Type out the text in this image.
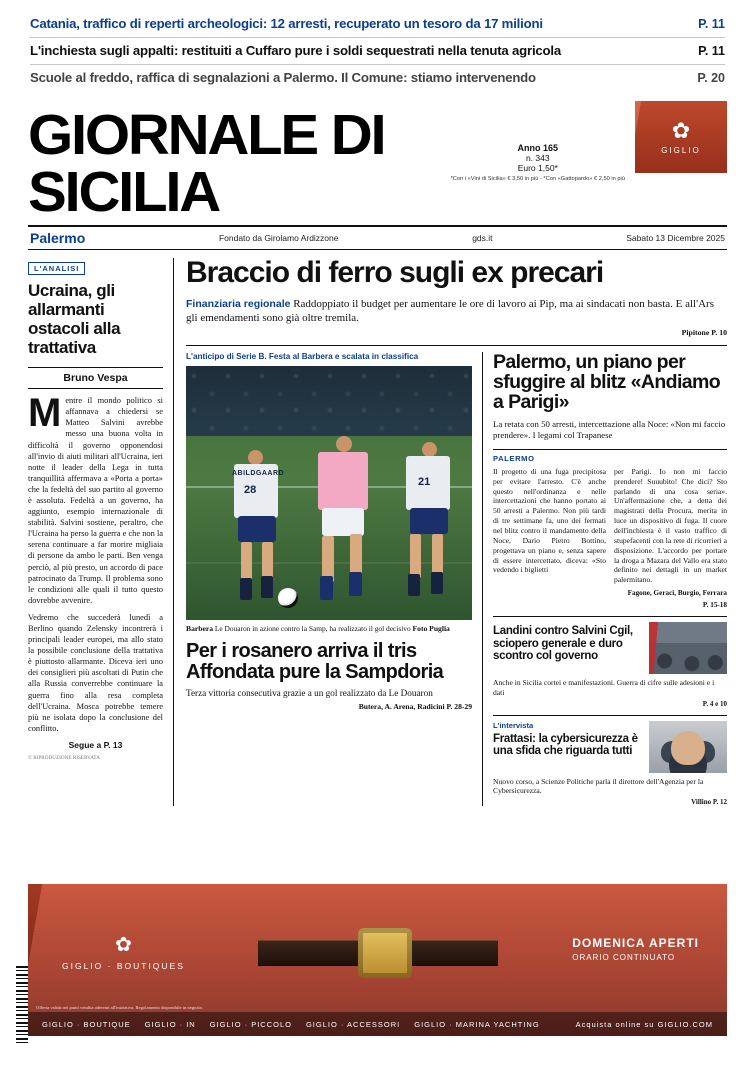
Catania, traffico di reperti archeologici: 12 arresti, recuperato un tesoro da 17 milioni	P. 11
L'inchiesta sugli appalti: restituiti a Cuffaro pure i soldi sequestrati nella tenuta agricola	P. 11
Scuole al freddo, raffica di segnalazioni a Palermo. Il Comune: stiamo intervenendo	P. 20
GIORNALE DI SICILIA
Anno 165
n. 343
Euro 1,50*
*Con i «Vini di Sicilia» € 3,50 in più - *Con «Gattopardo» € 2,50 in più
✿
GIGLIO
Palermo	Fondato da Girolamo Ardizzone	gds.it	Sabato 13 Dicembre 2025
L'ANALISI
Ucraina, gli allarmanti ostacoli alla trattativa
Bruno Vespa

Mentre il mondo politico si affannava a chiedersi se Matteo Salvini avrebbe messo una buona volta in difficoltà il governo opponendosi all'invio di aiuti militari all'Ucraina, ieri notte il leader della Lega in tutta tranquillità affermava a «Porta a porta» che la fedeltà del suo partito al governo è assoluta. Fedeltà a un governo, ha aggiunto, esempio internazionale di stabilità. Salvini sostiene, peraltro, che l'Ucraina ha perso la guerra e che non la serena continuare a far morire migliaia di persone da ambo le parti. Ben venga perciò, al più presto, un accordo di pace patrocinato da Trump. Il problema sono le condizioni alle quali il tutto questo dovrebbe avvenire.

Vedremo che succederà lunedì a Berlino quando Zelensky incontrerà i principali leader europei, ma allo stato la possibile conclusione della trattativa è piuttosto allarmante. Diceva ieri uno dei consiglieri più ascoltati di Putin che alla Russia converrebbe continuare la guerra fino alla resa completa dell'Ucraina. Mosca potrebbe temere più ne isolata dopo la conclusione del conflitto.

Segue a P. 13
© RIPRODUZIONE RISERVATA
Braccio di ferro sugli ex precari
Finanziaria regionale Raddoppiato il budget per aumentare le ore di lavoro ai Pip, ma ai sindacati non basta. E all'Ars gli emendamenti sono già oltre tremila.
Pipitone P. 10
L'anticipo di Serie B. Festa al Barbera e scalata in classifica
28
ABILDGAARD
21
Barbera Le Douaron in azione contro la Samp, ha realizzato il gol decisivo Foto Puglia
Per i rosanero arriva il tris Affondata pure la Sampdoria
Terza vittoria consecutiva grazie a un gol realizzato da Le Douaron
Butera, A. Arena, Radicini P. 28-29
Palermo, un piano per sfuggire al blitz «Andiamo a Parigi»
La retata con 50 arresti, intercettazione alla Noce: «Non mi faccio prendere». I legami col Trapanese
PALERMO
Il progetto di una fuga precipitosa per evitare l'arresto. C'è anche questo nell'ordinanza e nelle intercettazioni che hanno portato ai 50 arresti a Palermo. Non più tardi di tre settimane fa, uno dei fermati nel blitz contro il mandamento della Noce, Dario Pietro Bottino, progettava un piano e, senza sapere di essere intercettato, diceva: «Sto vedendo i biglietti
per Parigi. Io non mi faccio prendere! Suuubito! Che dici? Sto parlando di una cosa seria». Un'affermazione che, a detta dei magistrati della Procura, merita in luce un dispositivo di fuga. Il cuore dell'inchiesta è il vasto traffico di stupefacenti con la rete di ricorrieri a disposizione. L'accordo per portare la droga a Mazara del Vallo era stato definito nei dettagli in un market palermitano.
Fagone, Geraci, Burgio, Ferrara
P. 15-18
Landini contro Salvini Cgil, sciopero generale e duro scontro col governo
Anche in Sicilia cortei e manifestazioni. Guerra di cifre sulle adesioni e i dati
P. 4 e 10
L'intervista
Frattasi: la cybersicurezza è una sfida che riguarda tutti
Nuovo corso, a Scienze Politiche parla il direttore dell'Agenzia per la Cybersicurezza.
Villino P. 12
✿
GIGLIO · BOUTIQUES
DOMENICA APERTI
ORARIO CONTINUATO
Offerta valida nei punti vendita aderenti all'iniziativa. Regolamento disponibile in negozio.
GIGLIO · BOUTIQUE GIGLIO · IN GIGLIO · PICCOLO GIGLIO · ACCESSORI GIGLIO · MARINA YACHTING	Acquista online su GIGLIO.COM
